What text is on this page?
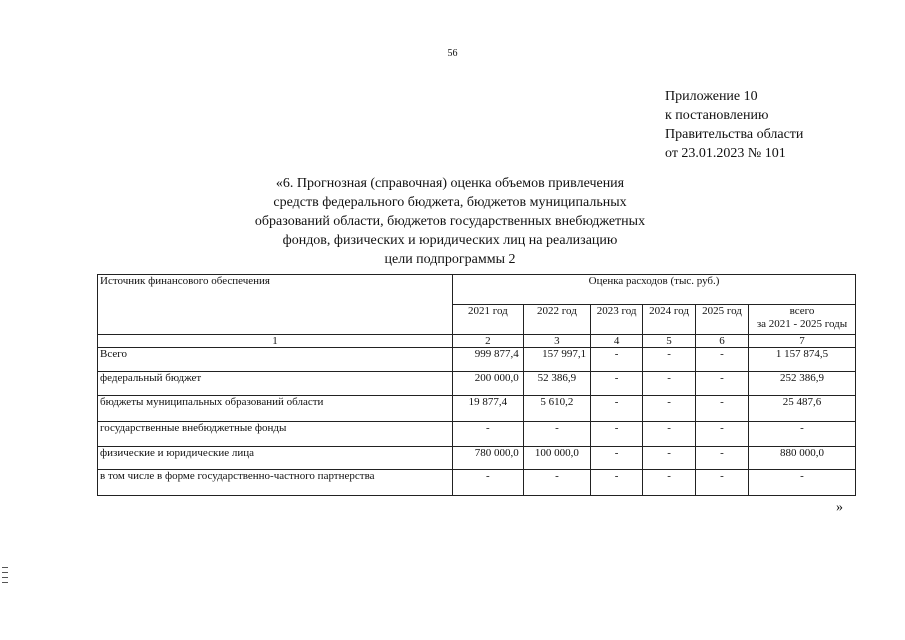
56
Приложение 10
к постановлению
Правительства области
от 23.01.2023 № 101
«6. Прогнозная (справочная) оценка объемов привлечения
средств федерального бюджета, бюджетов муниципальных
образований области, бюджетов государственных внебюджетных
фондов, физических и юридических лиц на реализацию
цели подпрограммы 2
Источник финансового обеспечения	Оценка расходов (тыс. руб.)					
	2021 год	2022 год	2023 год	2024 год	2025 год	всего
за 2021 - 2025 годы

1	2	3	4	5	6	7
Всего	999 877,4	157 997,1	-	-	-	1 157 874,5
федеральный бюджет	200 000,0	52 386,9	-	-	-	252 386,9
бюджеты муниципальных образований области	19 877,4	5 610,2	-	-	-	25 487,6
государственные внебюджетные фонды	-	-	-	-	-	-
физические и юридические лица	780 000,0	100 000,0	-	-	-	880 000,0
в том числе в форме государственно-частного партнерства	-	-	-	-	-	-
»
